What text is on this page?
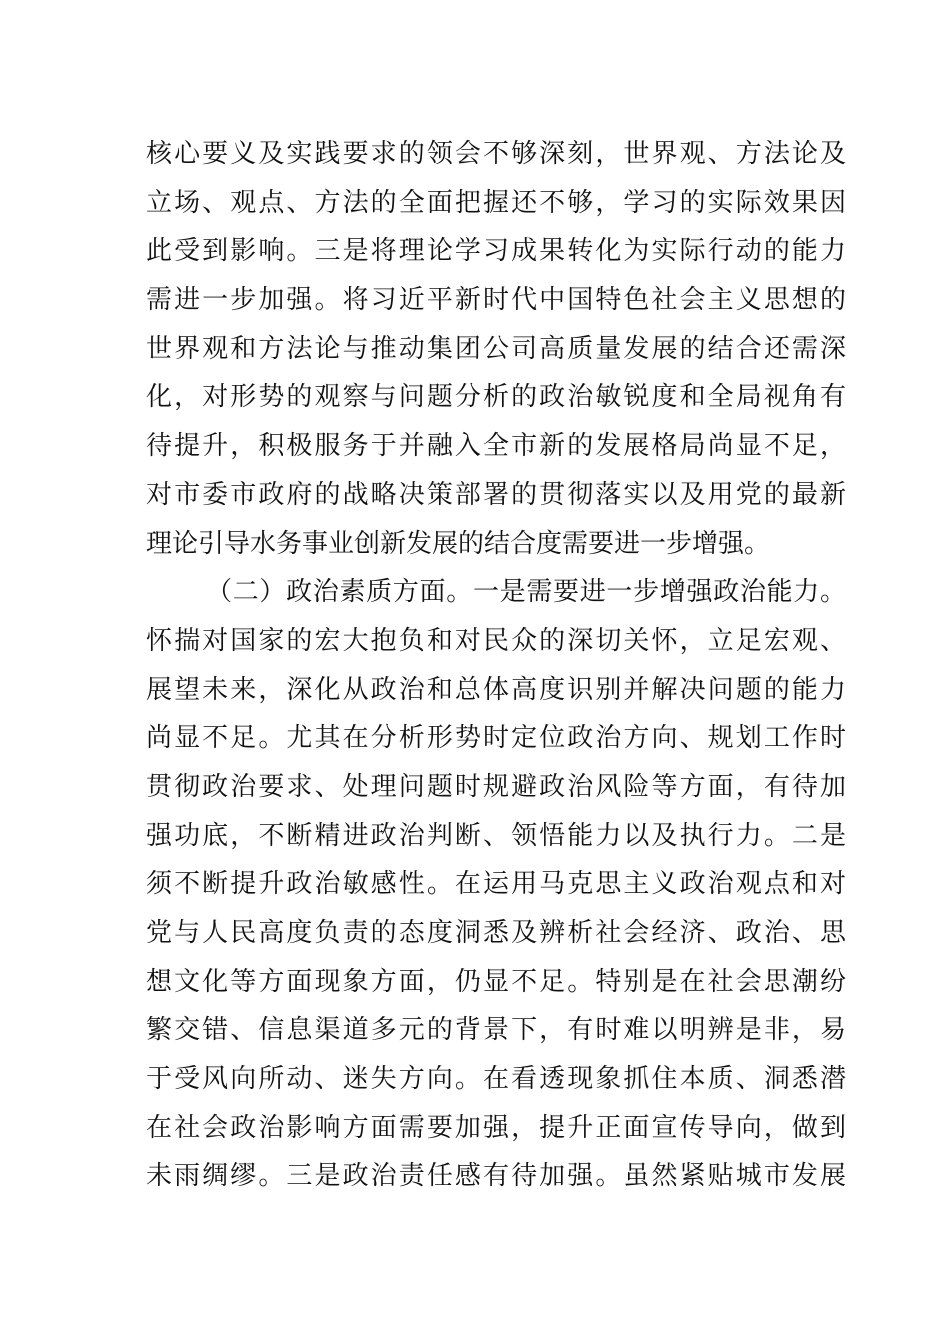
核心要义及实践要求的领会不够深刻，世界观、方法论及
立场、观点、方法的全面把握还不够，学习的实际效果因
此受到影响。三是将理论学习成果转化为实际行动的能力
需进一步加强。将习近平新时代中国特色社会主义思想的
世界观和方法论与推动集团公司高质量发展的结合还需深
化，对形势的观察与问题分析的政治敏锐度和全局视角有
待提升，积极服务于并融入全市新的发展格局尚显不足，
对市委市政府的战略决策部署的贯彻落实以及用党的最新
理论引导水务事业创新发展的结合度需要进一步增强。
（二）政治素质方面。一是需要进一步增强政治能力。
怀揣对国家的宏大抱负和对民众的深切关怀，立足宏观、
展望未来，深化从政治和总体高度识别并解决问题的能力
尚显不足。尤其在分析形势时定位政治方向、规划工作时
贯彻政治要求、处理问题时规避政治风险等方面，有待加
强功底，不断精进政治判断、领悟能力以及执行力。二是
须不断提升政治敏感性。在运用马克思主义政治观点和对
党与人民高度负责的态度洞悉及辨析社会经济、政治、思
想文化等方面现象方面，仍显不足。特别是在社会思潮纷
繁交错、信息渠道多元的背景下，有时难以明辨是非，易
于受风向所动、迷失方向。在看透现象抓住本质、洞悉潜
在社会政治影响方面需要加强，提升正面宣传导向，做到
未雨绸缪。三是政治责任感有待加强。虽然紧贴城市发展
